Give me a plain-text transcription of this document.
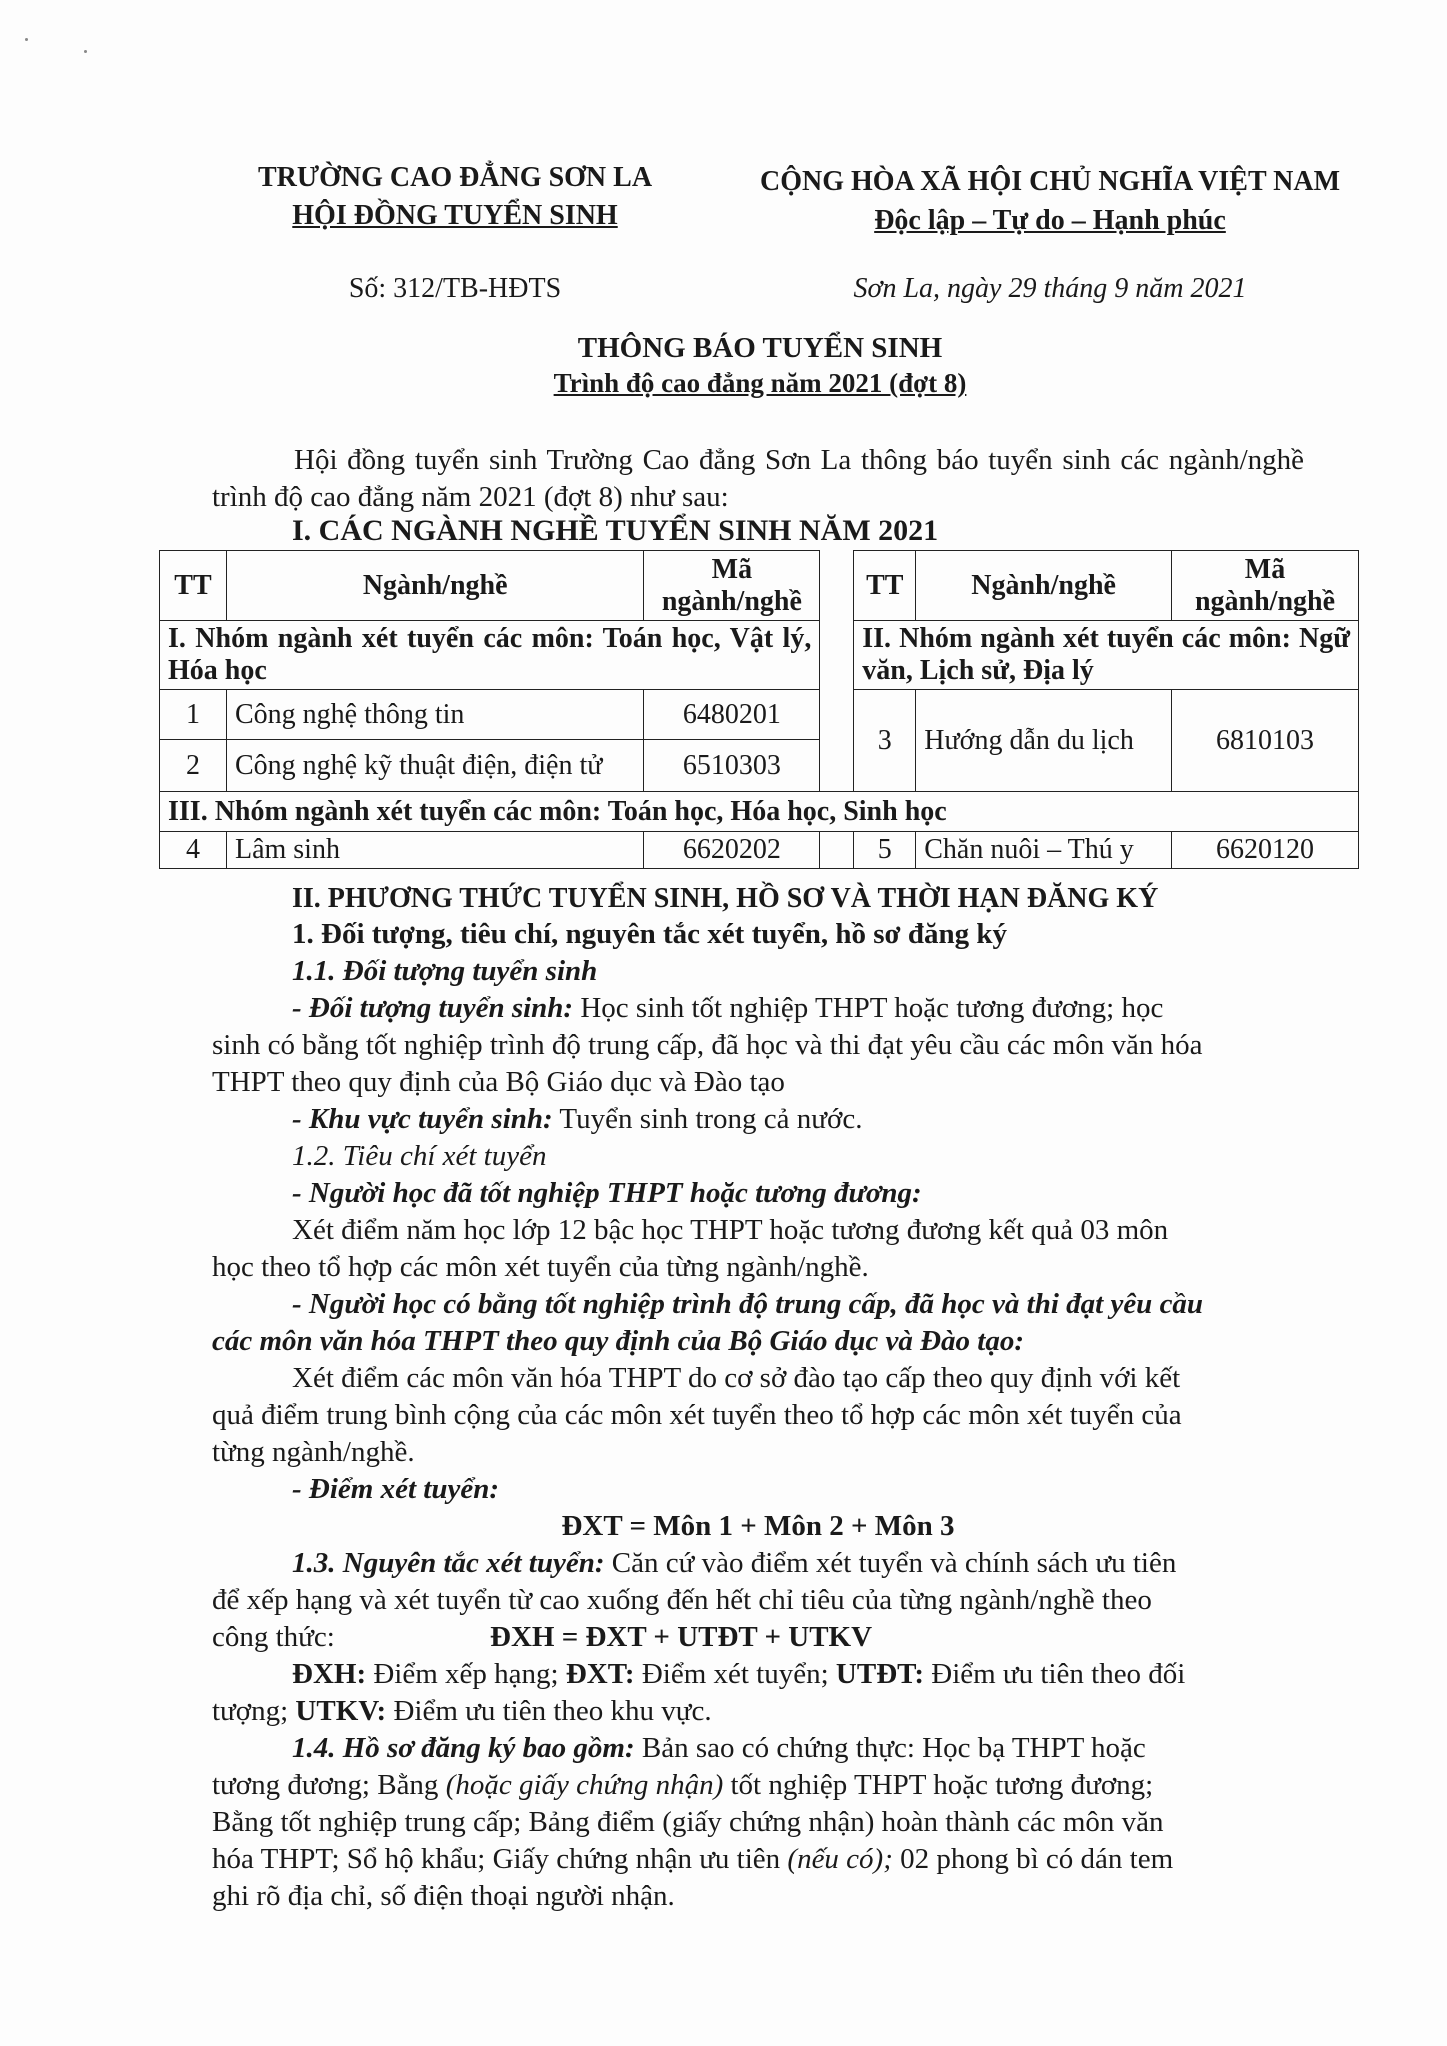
TRƯỜNG CAO ĐẲNG SƠN LA
HỘI ĐỒNG TUYỂN SINH
CỘNG HÒA XÃ HỘI CHỦ NGHĨA VIỆT NAM
Độc lập – Tự do – Hạnh phúc
Số: 312/TB-HĐTS	Sơn La, ngày 29 tháng 9 năm 2021
THÔNG BÁO TUYỂN SINH
Trình độ cao đẳng năm 2021 (đợt 8)
Hội đồng tuyển sinh Trường Cao đẳng Sơn La thông báo tuyển sinh các ngành/nghề trình độ cao đẳng năm 2021 (đợt 8) như sau:
I. CÁC NGÀNH NGHỀ TUYỂN SINH NĂM 2021
TT	Ngành/nghề	Mã ngành/nghề		TT	Ngành/nghề	Mã ngành/nghề
I. Nhóm ngành xét tuyển các môn: Toán học, Vật lý, Hóa học				II. Nhóm ngành xét tuyển các môn: Ngữ văn, Lịch sử, Địa lý		
1	Công nghệ thông tin	6480201		3	Hướng dẫn du lịch	6810103
2	Công nghệ kỹ thuật điện, điện tử	6510303				
III. Nhóm ngành xét tuyển các môn: Toán học, Hóa học, Sinh học						
4	Lâm sinh	6620202		5	Chăn nuôi – Thú y	6620120
II. PHƯƠNG THỨC TUYỂN SINH, HỒ SƠ VÀ THỜI HẠN ĐĂNG KÝ
1. Đối tượng, tiêu chí, nguyên tắc xét tuyển, hồ sơ đăng ký
1.1. Đối tượng tuyển sinh
- Đối tượng tuyển sinh: Học sinh tốt nghiệp THPT hoặc tương đương; học
sinh có bằng tốt nghiệp trình độ trung cấp, đã học và thi đạt yêu cầu các môn văn hóa
THPT theo quy định của Bộ Giáo dục và Đào tạo
- Khu vực tuyển sinh: Tuyển sinh trong cả nước.
1.2. Tiêu chí xét tuyển
- Người học đã tốt nghiệp THPT hoặc tương đương:
Xét điểm năm học lớp 12 bậc học THPT hoặc tương đương kết quả 03 môn
học theo tổ hợp các môn xét tuyển của từng ngành/nghề.
- Người học có bằng tốt nghiệp trình độ trung cấp, đã học và thi đạt yêu cầu
các môn văn hóa THPT theo quy định của Bộ Giáo dục và Đào tạo:
Xét điểm các môn văn hóa THPT do cơ sở đào tạo cấp theo quy định với kết
quả điểm trung bình cộng của các môn xét tuyển theo tổ hợp các môn xét tuyển của
từng ngành/nghề.
- Điểm xét tuyển:
ĐXT = Môn 1 + Môn 2 + Môn 3
1.3. Nguyên tắc xét tuyển: Căn cứ vào điểm xét tuyển và chính sách ưu tiên
để xếp hạng và xét tuyển từ cao xuống đến hết chỉ tiêu của từng ngành/nghề theo
công thức:	ĐXH = ĐXT + UTĐT + UTKV
ĐXH: Điểm xếp hạng; ĐXT: Điểm xét tuyển; UTĐT: Điểm ưu tiên theo đối
tượng; UTKV: Điểm ưu tiên theo khu vực.
1.4. Hồ sơ đăng ký bao gồm: Bản sao có chứng thực: Học bạ THPT hoặc
tương đương; Bằng (hoặc giấy chứng nhận) tốt nghiệp THPT hoặc tương đương;
Bằng tốt nghiệp trung cấp; Bảng điểm (giấy chứng nhận) hoàn thành các môn văn
hóa THPT; Sổ hộ khẩu; Giấy chứng nhận ưu tiên (nếu có); 02 phong bì có dán tem
ghi rõ địa chỉ, số điện thoại người nhận.
